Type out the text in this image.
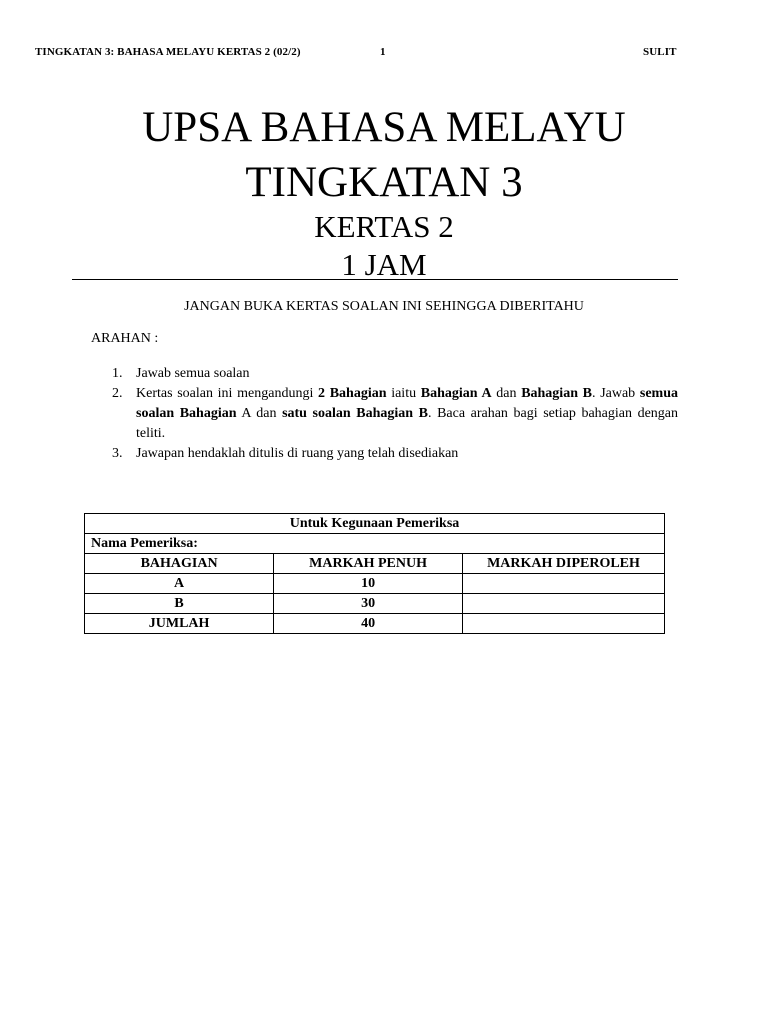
TINGKATAN 3: BAHASA MELAYU KERTAS 2 (02/2)	1	SULIT
UPSA BAHASA MELAYU
TINGKATAN 3
KERTAS 2
1 JAM
JANGAN BUKA KERTAS SOALAN INI SEHINGGA DIBERITAHU
ARAHAN :
1. Jawab semua soalan
2. Kertas soalan ini mengandungi 2 Bahagian iaitu Bahagian A dan Bahagian B. Jawab semua soalan Bahagian A dan satu soalan Bahagian B. Baca arahan bagi setiap bahagian dengan teliti.
3. Jawapan hendaklah ditulis di ruang yang telah disediakan
Untuk Kegunaan Pemeriksa		
Nama Pemeriksa:		
BAHAGIAN	MARKAH PENUH	MARKAH DIPEROLEH
A	10	
B	30	
JUMLAH	40	
